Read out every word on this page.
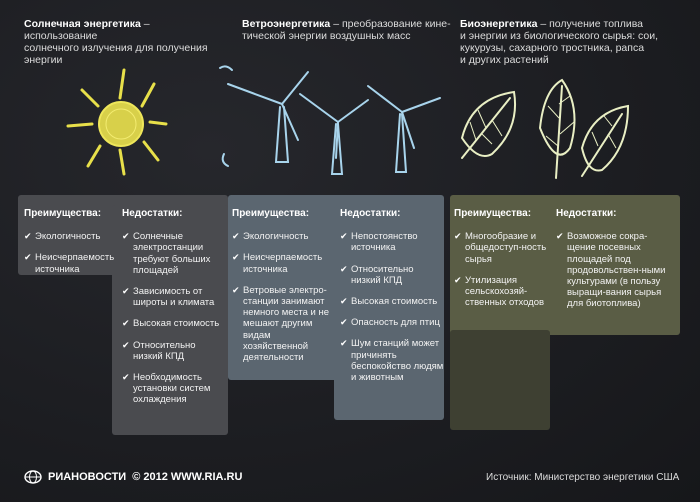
Солнечная энергетика – использование
солнечного излучения для получения
энергии
Ветроэнергетика – преобразование кине-
тической энергии воздушных масс
Биоэнергетика – получение топлива
и энергии из биологического сырья: сои,
кукурузы, сахарного тростника, рапса
и других растений
Преимущества:
✔ Экологичность
✔ Неисчерпаемость источника
Недостатки:
✔ Солнечные электростанции требуют больших площадей
✔ Зависимость от широты и климата
✔ Высокая стоимость
✔ Относительно низкий КПД
✔ Необходимость установки систем охлаждения
Преимущества:
✔ Экологичность
✔ Неисчерпаемость источника
✔ Ветровые электро-станции занимают немного места и не мешают другим видам хозяйственной деятельности
Недостатки:
✔ Непостоянство источника
✔ Относительно низкий КПД
✔ Высокая стоимость
✔ Опасность для птиц
✔ Шум станций может причинять беспокойство людям и животным
Преимущества:
✔ Многообразие и общедоступ-ность сырья
✔ Утилизация сельскохозяй-ственных отходов
Недостатки:
✔ Возможное сокра-щение посевных площадей под продовольствен-ными культурами (в пользу выращи-вания сырья для биотоплива)
РИАНОВОСТИ © 2012 WWW.RIA.RU	Источник: Министерство энергетики США
